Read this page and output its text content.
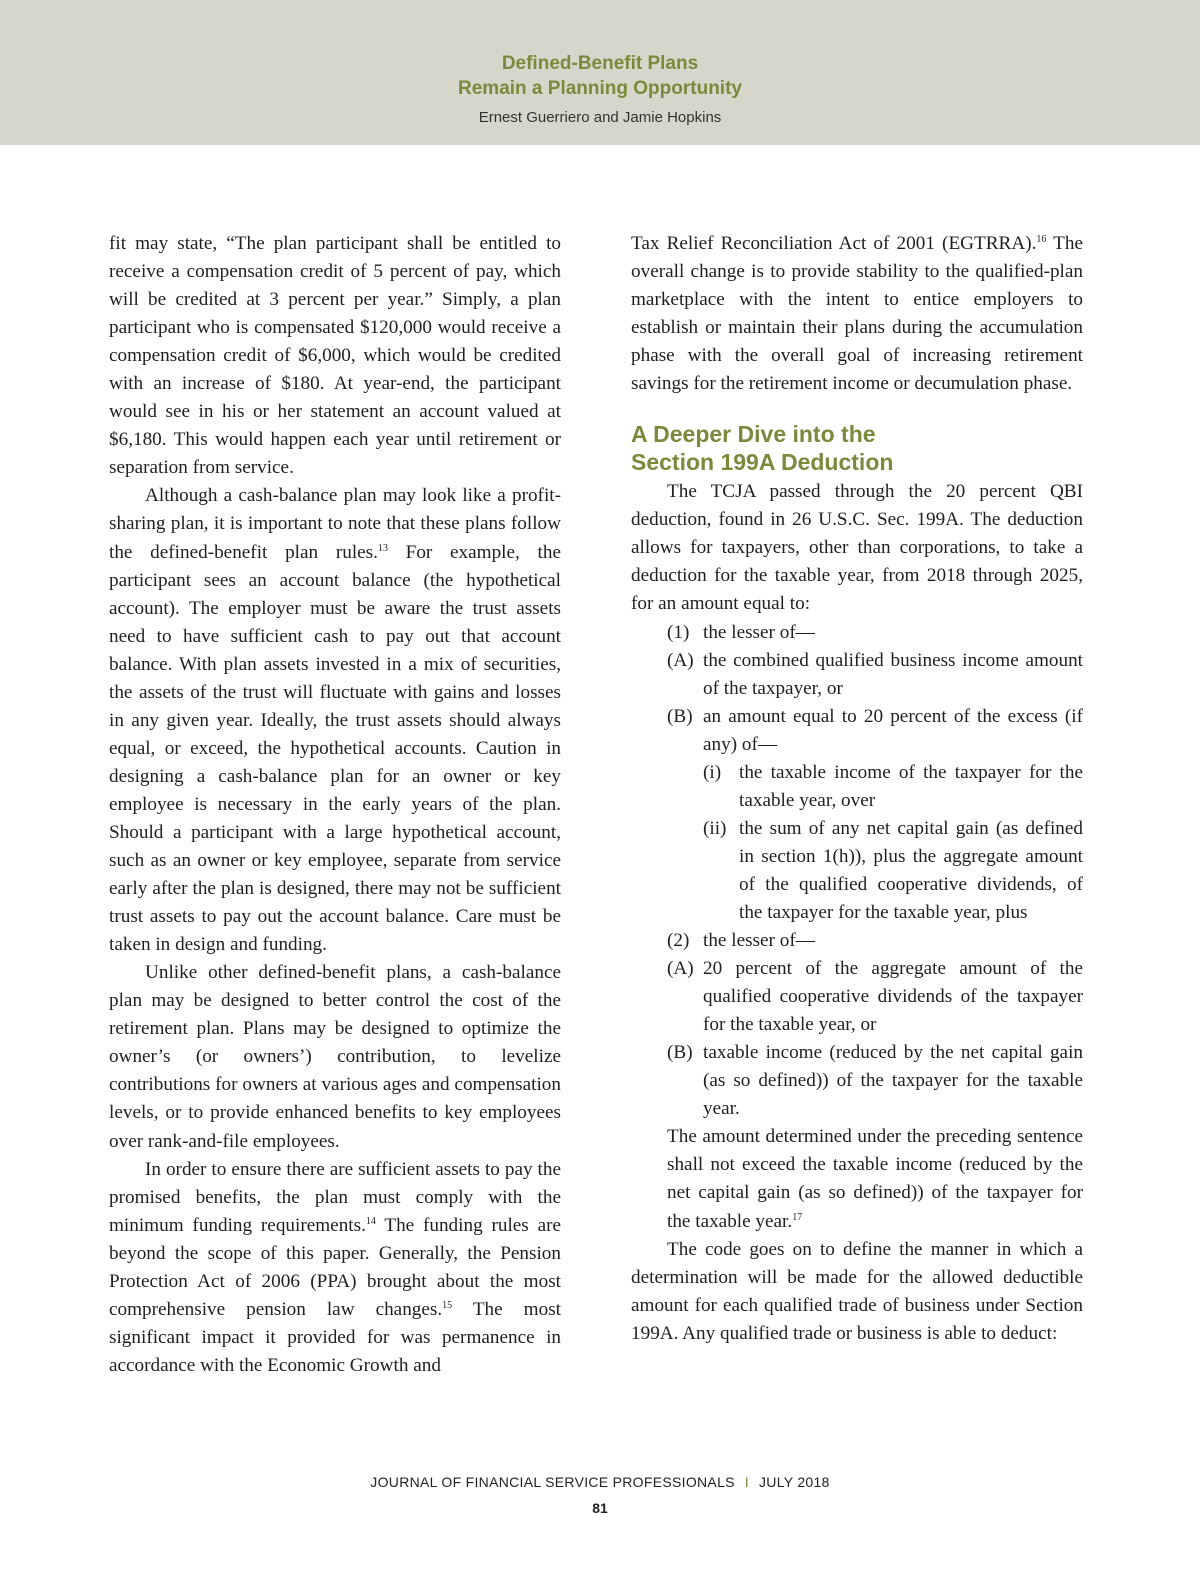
Defined-Benefit Plans
Remain a Planning Opportunity
Ernest Guerriero and Jamie Hopkins

fit may state, “The plan participant shall be entitled to receive a compensation credit of 5 percent of pay, which will be credited at 3 percent per year.” Simply, a plan participant who is compensated $120,000 would receive a compensation credit of $6,000, which would be credited with an increase of $180. At year-end, the participant would see in his or her statement an account valued at $6,180. This would happen each year until retirement or separation from service.

Although a cash-balance plan may look like a profit-sharing plan, it is important to note that these plans follow the defined-benefit plan rules.$^{13}$ For example, the participant sees an account balance (the hypothetical account). The employer must be aware the trust assets need to have sufficient cash to pay out that account balance. With plan assets invested in a mix of securities, the assets of the trust will fluctuate with gains and losses in any given year. Ideally, the trust assets should always equal, or exceed, the hypothetical accounts. Caution in designing a cash-balance plan for an owner or key employee is necessary in the early years of the plan. Should a participant with a large hypothetical account, such as an owner or key employee, separate from service early after the plan is designed, there may not be sufficient trust assets to pay out the account balance. Care must be taken in design and funding.

Unlike other defined-benefit plans, a cash-balance plan may be designed to better control the cost of the retirement plan. Plans may be designed to optimize the owner’s (or owners’) contribution, to levelize contributions for owners at various ages and compensation levels, or to provide enhanced benefits to key employees over rank-and-file employees.

In order to ensure there are sufficient assets to pay the promised benefits, the plan must comply with the minimum funding requirements.$^{14}$ The funding rules are beyond the scope of this paper. Generally, the Pension Protection Act of 2006 (PPA) brought about the most comprehensive pension law changes.$^{15}$ The most significant impact it provided for was permanence in accordance with the Economic Growth and

Tax Relief Reconciliation Act of 2001 (EGTRRA).$^{16}$ The overall change is to provide stability to the qualified-plan marketplace with the intent to entice employers to establish or maintain their plans during the accumulation phase with the overall goal of increasing retirement savings for the retirement income or decumulation phase.

A Deeper Dive into the
Section 199A Deduction

The TCJA passed through the 20 percent QBI deduction, found in 26 U.S.C. Sec. 199A. The deduction allows for taxpayers, other than corporations, to take a deduction for the taxable year, from 2018 through 2025, for an amount equal to:

(1) the lesser of—
(A) the combined qualified business income amount of the taxpayer, or
(B) an amount equal to 20 percent of the excess (if any) of—
(i) the taxable income of the taxpayer for the taxable year, over
(ii) the sum of any net capital gain (as defined in section 1(h)), plus the aggregate amount of the qualified cooperative dividends, of the taxpayer for the taxable year, plus
(2) the lesser of—
(A) 20 percent of the aggregate amount of the qualified cooperative dividends of the taxpayer for the taxable year, or
(B) taxable income (reduced by the net capital gain (as so defined)) of the taxpayer for the taxable year.

The amount determined under the preceding sentence shall not exceed the taxable income (reduced by the net capital gain (as so defined)) of the taxpayer for the taxable year.$^{17}$

The code goes on to define the manner in which a determination will be made for the allowed deductible amount for each qualified trade of business under Section 199A. Any qualified trade or business is able to deduct:

JOURNAL OF FINANCIAL SERVICE PROFESSIONALS I JULY 2018
81
